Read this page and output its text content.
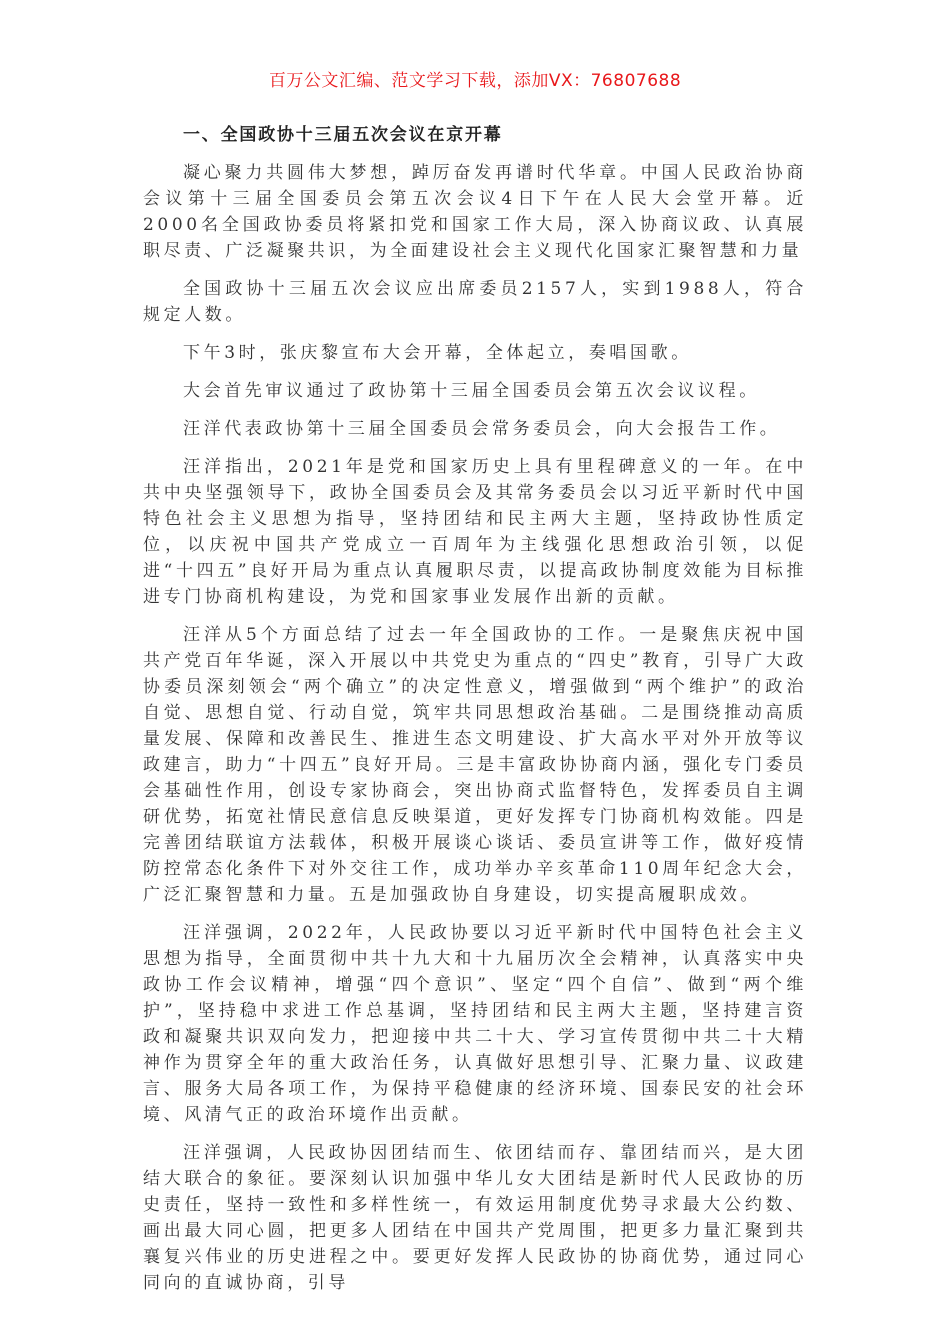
百万公文汇编、范文学习下载，添加VX：76807688
一、全国政协十三届五次会议在京开幕

凝心聚力共圆伟大梦想，踔厉奋发再谱时代华章。中国人民政治协商会议第十三届全国委员会第五次会议4日下午在人民大会堂开幕。近2000名全国政协委员将紧扣党和国家工作大局，深入协商议政、认真展职尽责、广泛凝聚共识，为全面建设社会主义现代化国家汇聚智慧和力量

全国政协十三届五次会议应出席委员2157人，实到1988人，符合规定人数。

下午3时，张庆黎宣布大会开幕，全体起立，奏唱国歌。

大会首先审议通过了政协第十三届全国委员会第五次会议议程。

汪洋代表政协第十三届全国委员会常务委员会，向大会报告工作。

汪洋指出，2021年是党和国家历史上具有里程碑意义的一年。在中共中央坚强领导下，政协全国委员会及其常务委员会以习近平新时代中国特色社会主义思想为指导，坚持团结和民主两大主题，坚持政协性质定位，以庆祝中国共产党成立一百周年为主线强化思想政治引领，以促进“十四五”良好开局为重点认真履职尽责，以提高政协制度效能为目标推进专门协商机构建设，为党和国家事业发展作出新的贡献。

汪洋从5个方面总结了过去一年全国政协的工作。一是聚焦庆祝中国共产党百年华诞，深入开展以中共党史为重点的“四史”教育，引导广大政协委员深刻领会“两个确立”的决定性意义，增强做到“两个维护”的政治自觉、思想自觉、行动自觉，筑牢共同思想政治基础。二是围绕推动高质量发展、保障和改善民生、推进生态文明建设、扩大高水平对外开放等议政建言，助力“十四五”良好开局。三是丰富政协协商内涵，强化专门委员会基础性作用，创设专家协商会，突出协商式监督特色，发挥委员自主调研优势，拓宽社情民意信息反映渠道，更好发挥专门协商机构效能。四是完善团结联谊方法载体，积极开展谈心谈话、委员宣讲等工作，做好疫情防控常态化条件下对外交往工作，成功举办辛亥革命110周年纪念大会，广泛汇聚智慧和力量。五是加强政协自身建设，切实提高履职成效。

汪洋强调，2022年，人民政协要以习近平新时代中国特色社会主义思想为指导，全面贯彻中共十九大和十九届历次全会精神，认真落实中央政协工作会议精神，增强“四个意识”、坚定“四个自信”、做到“两个维护”，坚持稳中求进工作总基调，坚持团结和民主两大主题，坚持建言资政和凝聚共识双向发力，把迎接中共二十大、学习宣传贯彻中共二十大精神作为贯穿全年的重大政治任务，认真做好思想引导、汇聚力量、议政建言、服务大局各项工作，为保持平稳健康的经济环境、国泰民安的社会环境、风清气正的政治环境作出贡献。

汪洋强调，人民政协因团结而生、依团结而存、靠团结而兴，是大团结大联合的象征。要深刻认识加强中华儿女大团结是新时代人民政协的历史责任，坚持一致性和多样性统一，有效运用制度优势寻求最大公约数、画出最大同心圆，把更多人团结在中国共产党周围，把更多力量汇聚到共襄复兴伟业的历史进程之中。要更好发挥人民政协的协商优势，通过同心同向的直诚协商，引导
